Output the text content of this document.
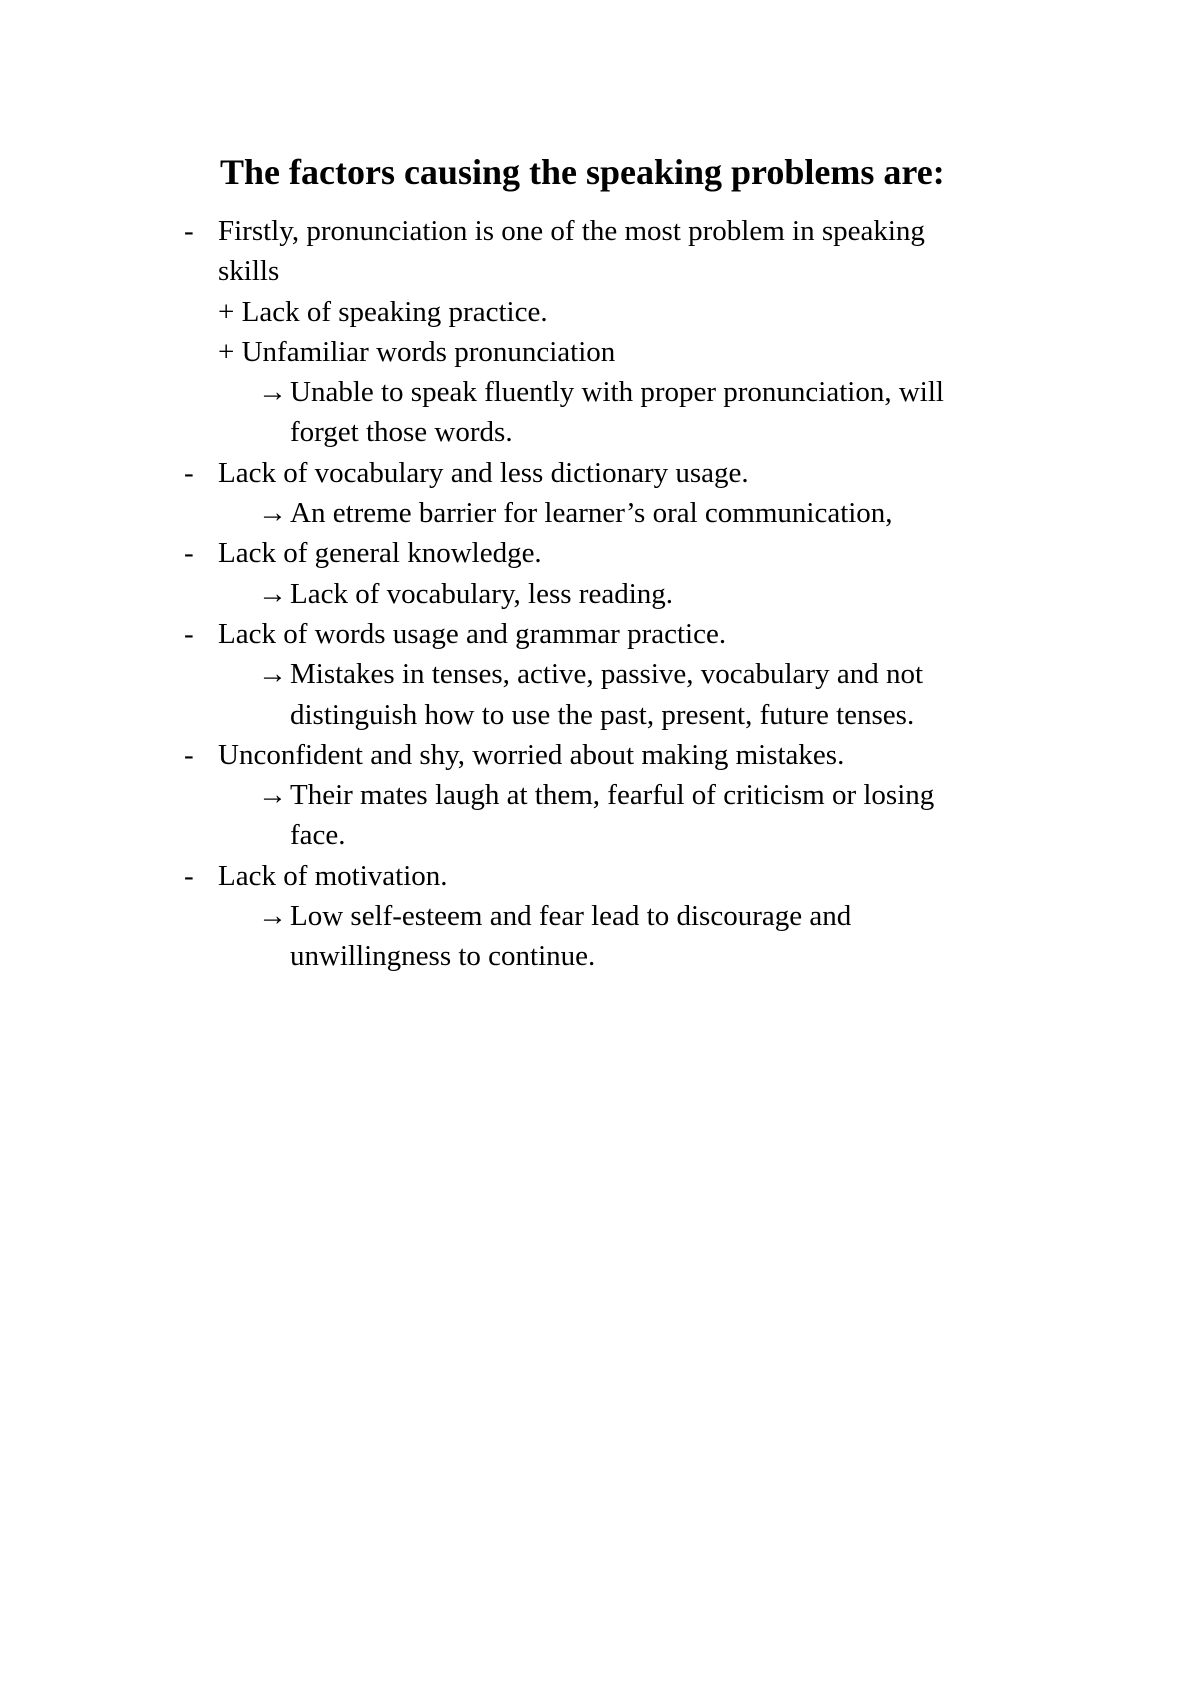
The factors causing the speaking problems are:
- Firstly, pronunciation is one of the most problem in speaking
skills
+ Lack of speaking practice.
+ Unfamiliar words pronunciation
→ Unable to speak fluently with proper pronunciation, will
forget those words.
- Lack of vocabulary and less dictionary usage.
→ An etreme barrier for learner’s oral communication,
- Lack of general knowledge.
→ Lack of vocabulary, less reading.
- Lack of words usage and grammar practice.
→ Mistakes in tenses, active, passive, vocabulary and not
distinguish how to use the past, present, future tenses.
- Unconfident and shy, worried about making mistakes.
→ Their mates laugh at them, fearful of criticism or losing
face.
- Lack of motivation.
→ Low self-esteem and fear lead to discourage and
unwillingness to continue.
